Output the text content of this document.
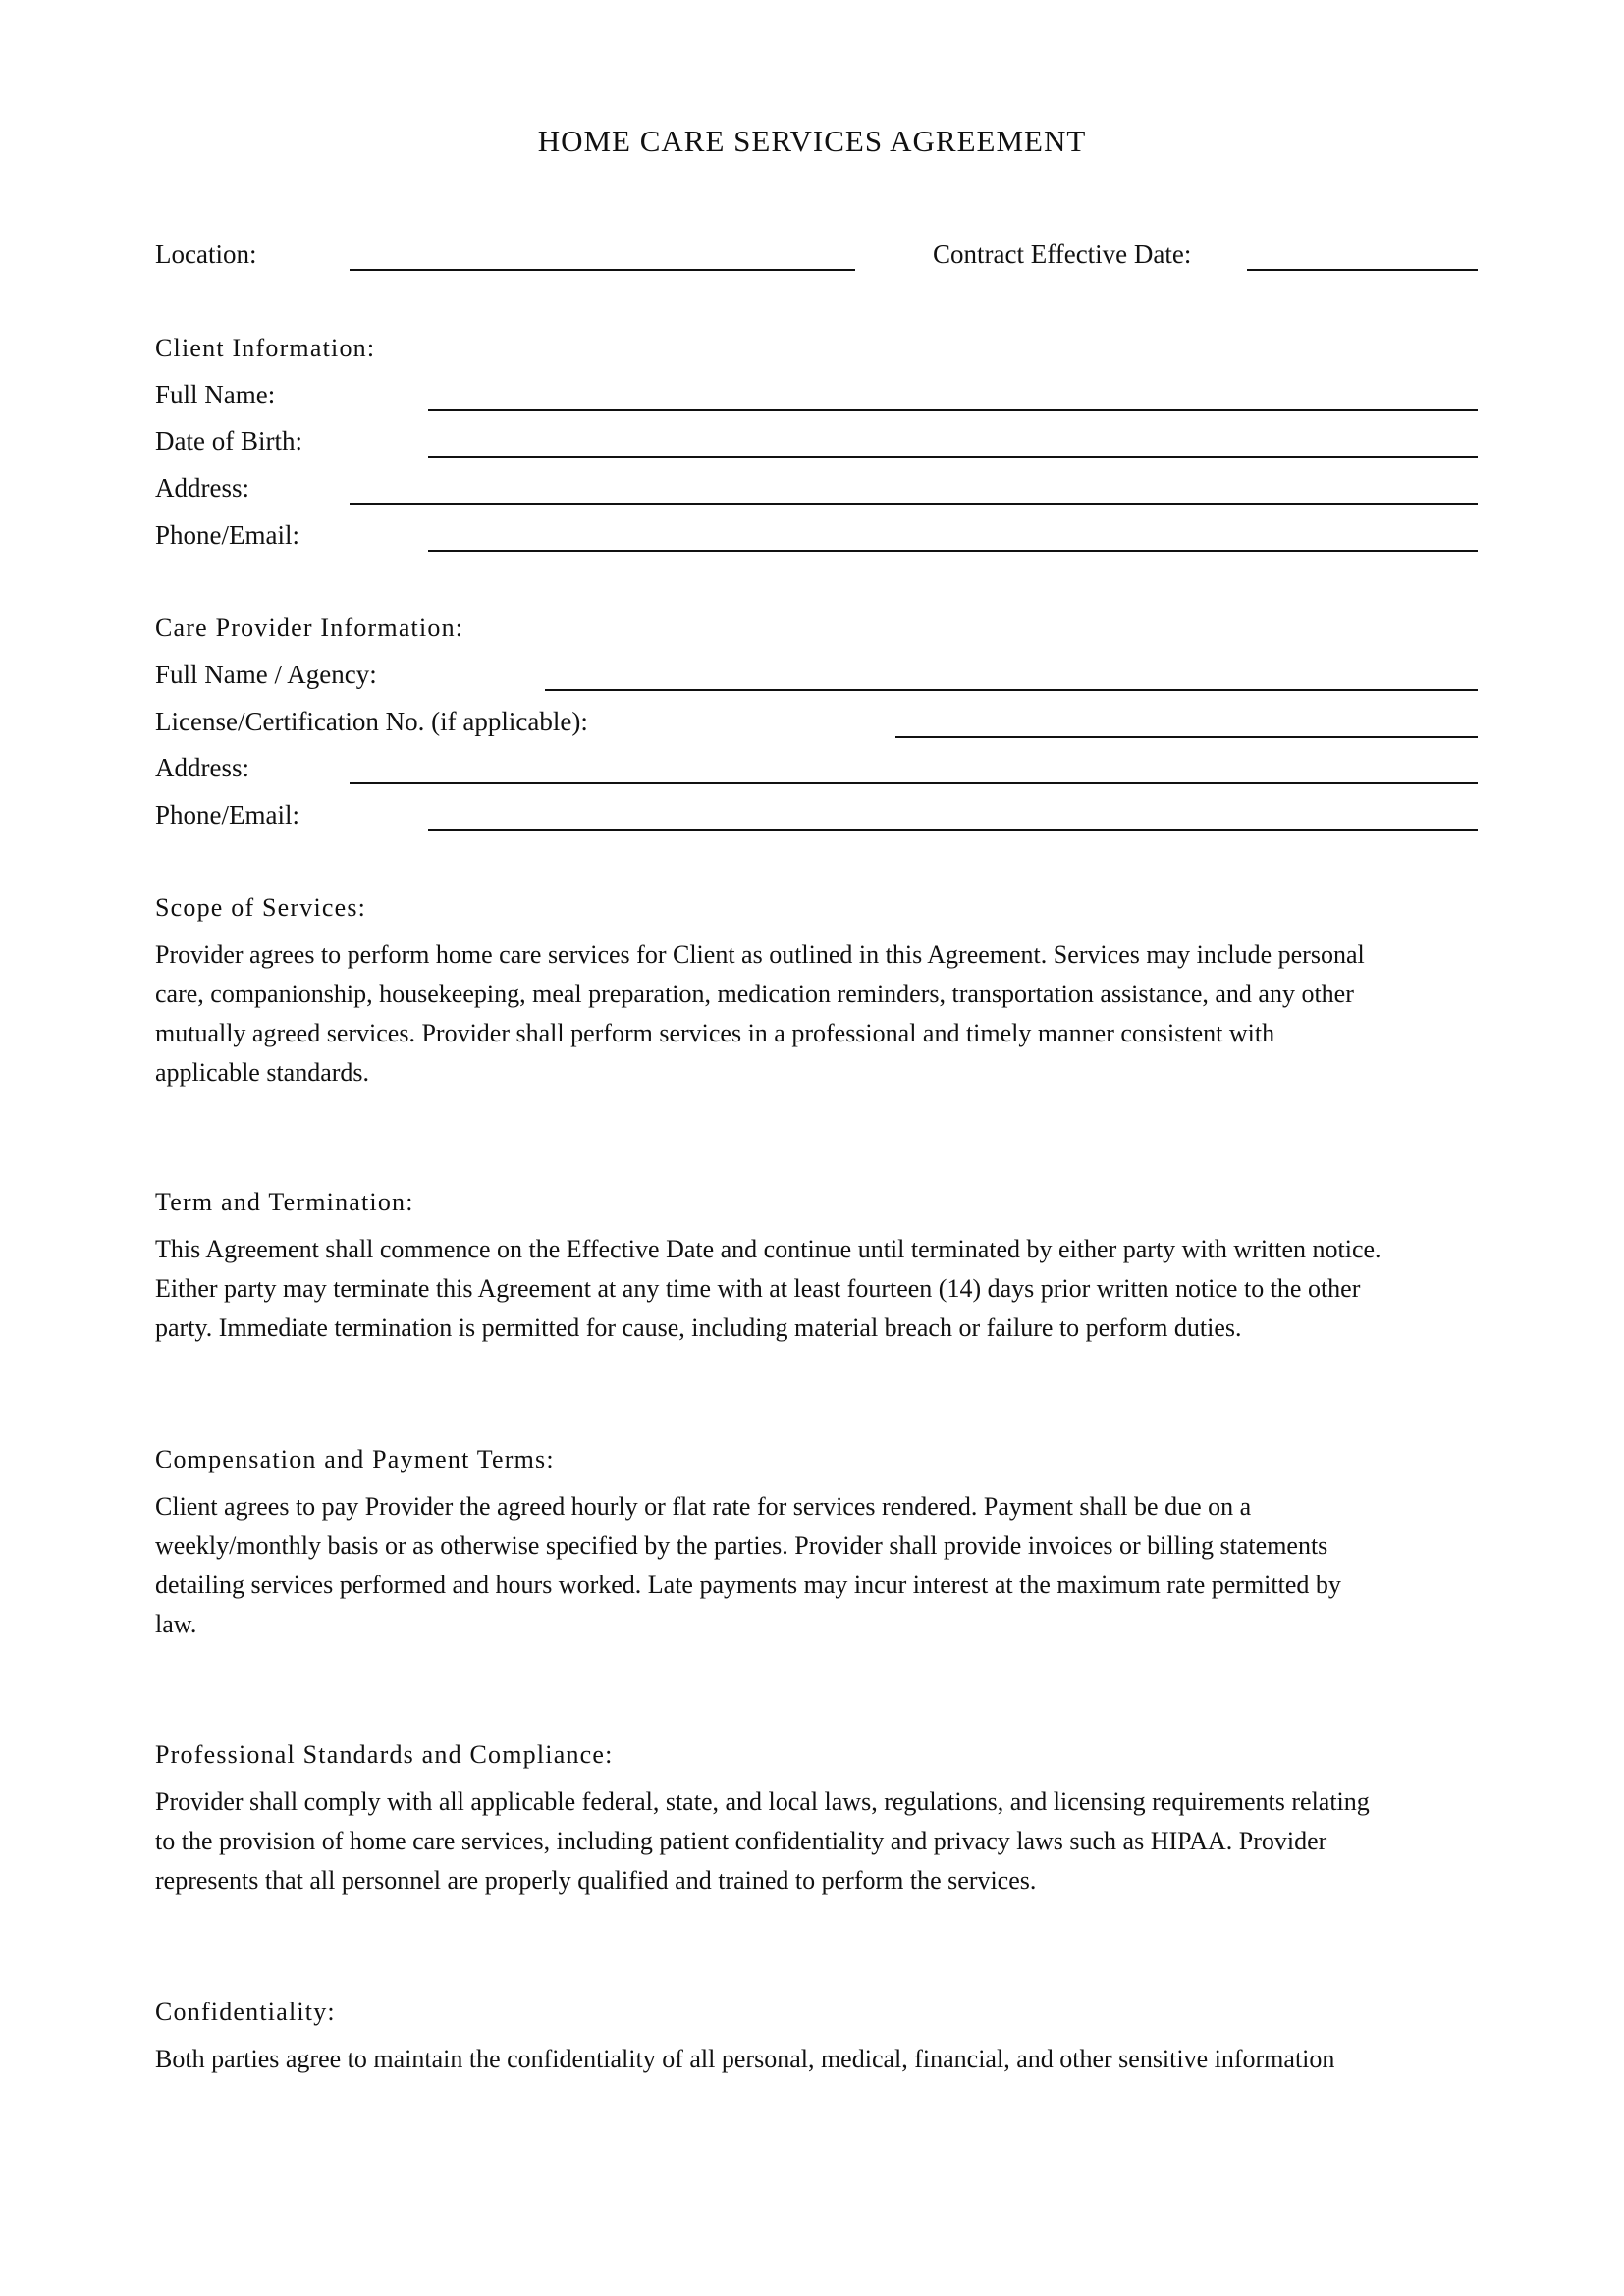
HOME CARE SERVICES AGREEMENT
Location:	Contract Effective Date:
Client Information:
Full Name:
Date of Birth:
Address:
Phone/Email:
Care Provider Information:
Full Name / Agency:
License/Certification No. (if applicable):
Address:
Phone/Email:
Scope of Services:
Provider agrees to perform home care services for Client as outlined in this Agreement. Services may include personal
care, companionship, housekeeping, meal preparation, medication reminders, transportation assistance, and any other
mutually agreed services. Provider shall perform services in a professional and timely manner consistent with
applicable standards.
Term and Termination:
This Agreement shall commence on the Effective Date and continue until terminated by either party with written notice.
Either party may terminate this Agreement at any time with at least fourteen (14) days prior written notice to the other
party. Immediate termination is permitted for cause, including material breach or failure to perform duties.
Compensation and Payment Terms:
Client agrees to pay Provider the agreed hourly or flat rate for services rendered. Payment shall be due on a
weekly/monthly basis or as otherwise specified by the parties. Provider shall provide invoices or billing statements
detailing services performed and hours worked. Late payments may incur interest at the maximum rate permitted by
law.
Professional Standards and Compliance:
Provider shall comply with all applicable federal, state, and local laws, regulations, and licensing requirements relating
to the provision of home care services, including patient confidentiality and privacy laws such as HIPAA. Provider
represents that all personnel are properly qualified and trained to perform the services.
Confidentiality:
Both parties agree to maintain the confidentiality of all personal, medical, financial, and other sensitive information
